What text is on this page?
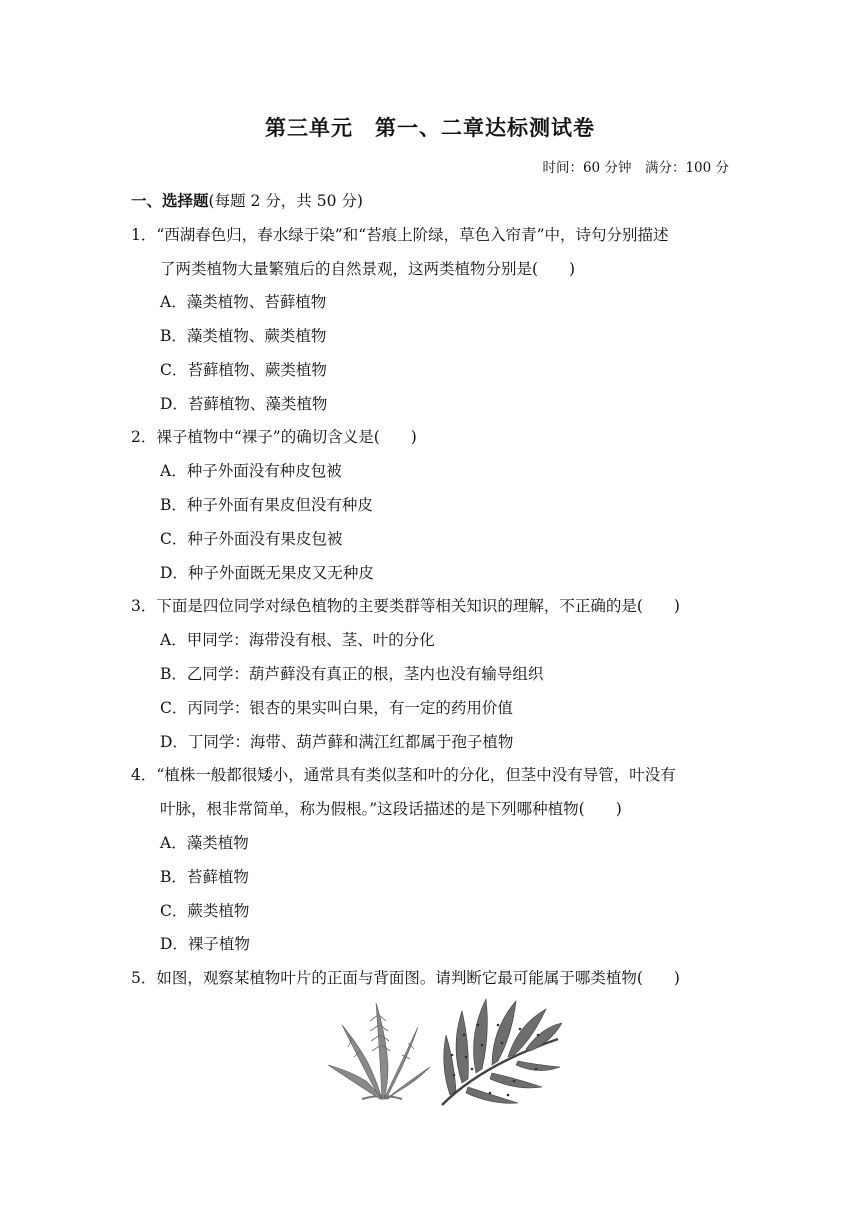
第三单元　第一、二章达标测试卷
时间：60 分钟　满分：100 分
一、选择题(每题 2 分，共 50 分)
1．“西湖春色归，春水绿于染”和“苔痕上阶绿，草色入帘青”中，诗句分别描述
了两类植物大量繁殖后的自然景观，这两类植物分别是(　　)
A．藻类植物、苔藓植物
B．藻类植物、蕨类植物
C．苔藓植物、蕨类植物
D．苔藓植物、藻类植物
2．裸子植物中“裸子”的确切含义是(　　)
A．种子外面没有种皮包被
B．种子外面有果皮但没有种皮
C．种子外面没有果皮包被
D．种子外面既无果皮又无种皮
3．下面是四位同学对绿色植物的主要类群等相关知识的理解，不正确的是(　　)
A．甲同学：海带没有根、茎、叶的分化
B．乙同学：葫芦藓没有真正的根，茎内也没有输导组织
C．丙同学：银杏的果实叫白果，有一定的药用价值
D．丁同学：海带、葫芦藓和满江红都属于孢子植物
4．“植株一般都很矮小，通常具有类似茎和叶的分化，但茎中没有导管，叶没有
叶脉，根非常简单，称为假根。”这段话描述的是下列哪种植物(　　)
A．藻类植物
B．苔藓植物
C．蕨类植物
D．裸子植物
5．如图，观察某植物叶片的正面与背面图。请判断它最可能属于哪类植物(　　)
